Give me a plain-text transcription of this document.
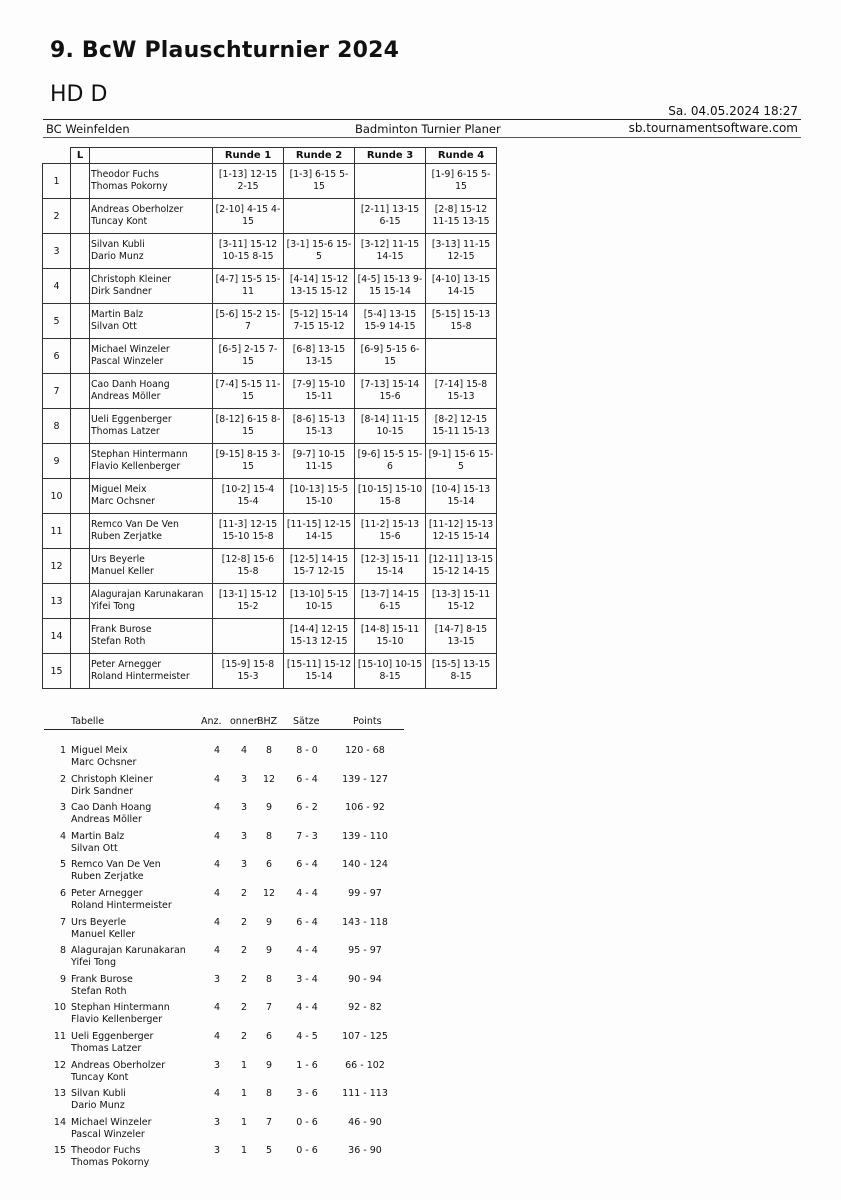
9. BcW Plauschturnier 2024
HD D
Sa. 04.05.2024 18:27
BC Weinfelden	Badminton Turnier Planer	sb.tournamentsoftware.com
	L		Runde 1	Runde 2	Runde 3	Runde 4
1		Theodor Fuchs
Thomas Pokorny	[1-13] 12-15 2-15	[1-3] 6-15 5-15		[1-9] 6-15 5-15
2		Andreas Oberholzer
Tuncay Kont	[2-10] 4-15 4-15		[2-11] 13-15 6-15	[2-8] 15-12 11-15 13-15
3		Silvan Kubli
Dario Munz	[3-11] 15-12 10-15 8-15	[3-1] 15-6 15-5	[3-12] 11-15 14-15	[3-13] 11-15 12-15
4		Christoph Kleiner
Dirk Sandner	[4-7] 15-5 15-11	[4-14] 15-12 13-15 15-12	[4-5] 15-13 9-15 15-14	[4-10] 13-15 14-15
5		Martin Balz
Silvan Ott	[5-6] 15-2 15-7	[5-12] 15-14 7-15 15-12	[5-4] 13-15 15-9 14-15	[5-15] 15-13 15-8
6		Michael Winzeler
Pascal Winzeler	[6-5] 2-15 7-15	[6-8] 13-15 13-15	[6-9] 5-15 6-15	
7		Cao Danh Hoang
Andreas Möller	[7-4] 5-15 11-15	[7-9] 15-10 15-11	[7-13] 15-14 15-6	[7-14] 15-8 15-13
8		Ueli Eggenberger
Thomas Latzer	[8-12] 6-15 8-15	[8-6] 15-13 15-13	[8-14] 11-15 10-15	[8-2] 12-15 15-11 15-13
9		Stephan Hintermann
Flavio Kellenberger	[9-15] 8-15 3-15	[9-7] 10-15 11-15	[9-6] 15-5 15-6	[9-1] 15-6 15-5
10		Miguel Meix
Marc Ochsner	[10-2] 15-4 15-4	[10-13] 15-5 15-10	[10-15] 15-10 15-8	[10-4] 15-13 15-14
11		Remco Van De Ven
Ruben Zerjatke	[11-3] 12-15 15-10 15-8	[11-15] 12-15 14-15	[11-2] 15-13 15-6	[11-12] 15-13 12-15 15-14
12		Urs Beyerle
Manuel Keller	[12-8] 15-6 15-8	[12-5] 14-15 15-7 12-15	[12-3] 15-11 15-14	[12-11] 13-15 15-12 14-15
13		Alagurajan Karunakaran
Yifei Tong	[13-1] 15-12 15-2	[13-10] 5-15 10-15	[13-7] 14-15 6-15	[13-3] 15-11 15-12
14		Frank Burose
Stefan Roth		[14-4] 12-15 15-13 12-15	[14-8] 15-11 15-10	[14-7] 8-15 13-15
15		Peter Arnegger
Roland Hintermeister	[15-9] 15-8 15-3	[15-11] 15-12 15-14	[15-10] 10-15 8-15	[15-5] 13-15 8-15
Tabelle	Anz. onnen
BHZ Sätze	Points
1 Miguel Meix
Marc Ochsner
4	4	8	8 - 0	120 - 68
2 Christoph Kleiner
Dirk Sandner
4	3	12	6 - 4	139 - 127
3 Cao Danh Hoang
Andreas Möller
4	3	9	6 - 2	106 - 92
4 Martin Balz
Silvan Ott
4	3	8	7 - 3	139 - 110
5 Remco Van De Ven
Ruben Zerjatke
4	3	6	6 - 4	140 - 124
6 Peter Arnegger
Roland Hintermeister
4	2	12	4 - 4	99 - 97
7 Urs Beyerle
Manuel Keller
4	2	9	6 - 4	143 - 118
8 Alagurajan Karunakaran
Yifei Tong
4	2	9	4 - 4	95 - 97
9 Frank Burose
Stefan Roth
3	2	8	3 - 4	90 - 94
10 Stephan Hintermann
Flavio Kellenberger
4	2	7	4 - 4	92 - 82
11 Ueli Eggenberger
Thomas Latzer
4	2	6	4 - 5	107 - 125
12 Andreas Oberholzer
Tuncay Kont
3	1	9	1 - 6	66 - 102
13 Silvan Kubli
Dario Munz
4	1	8	3 - 6	111 - 113
14 Michael Winzeler
Pascal Winzeler
3	1	7	0 - 6	46 - 90
15 Theodor Fuchs
Thomas Pokorny
3	1	5	0 - 6	36 - 90
